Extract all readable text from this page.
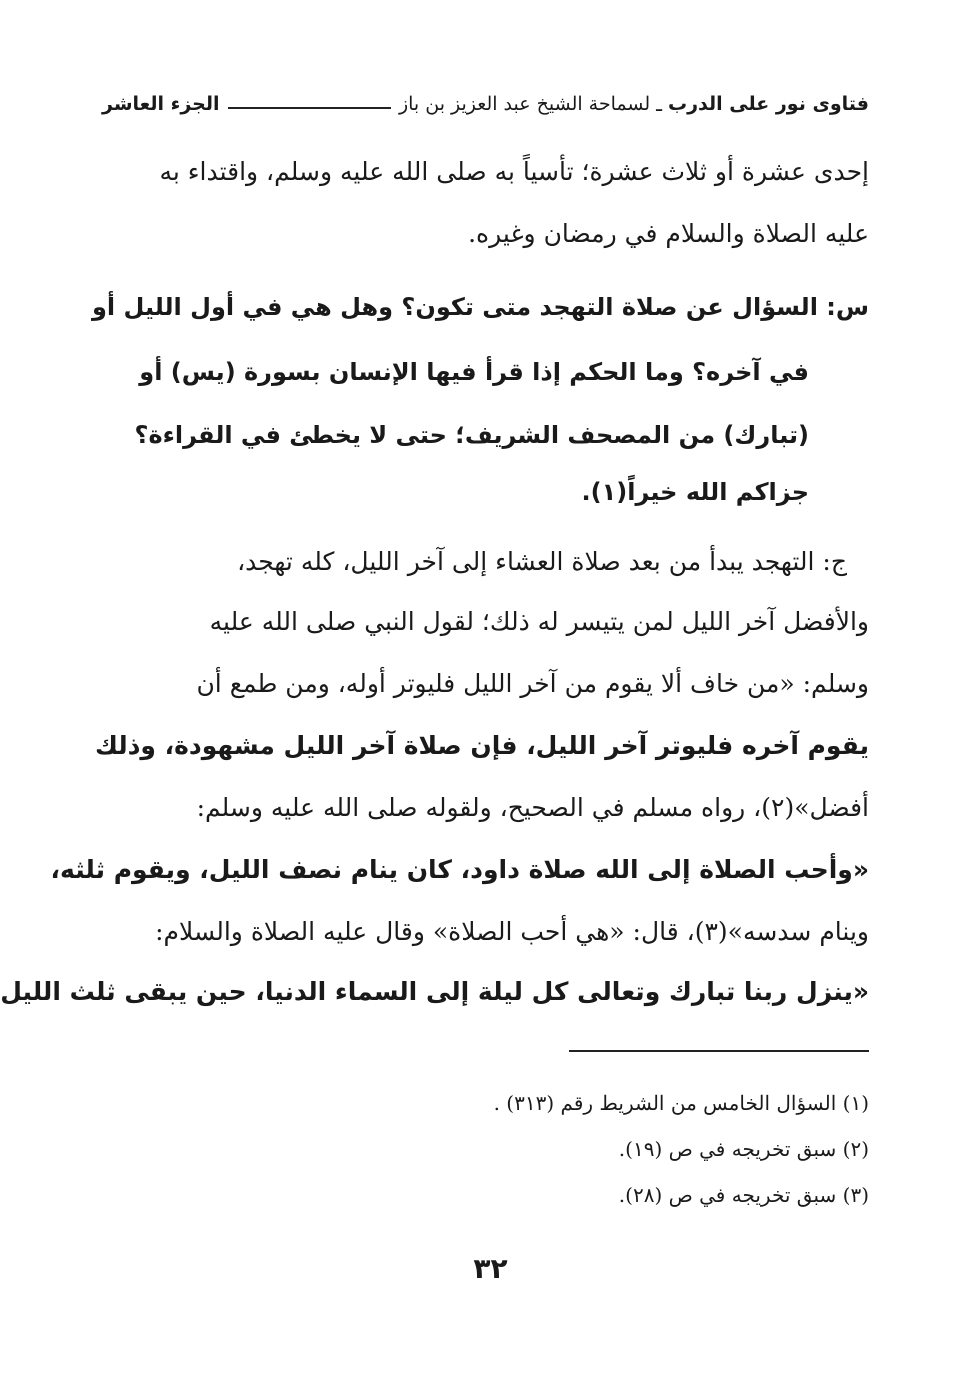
فتاوى نور على الدرب
ـ
لسماحة الشيخ عبد العزيز بن باز
الجزء العاشر
إحدى عشرة أو ثلاث عشرة؛ تأسياً به صلى الله عليه وسلم، واقتداء به
عليه الصلاة والسلام في رمضان وغيره.
س: السؤال عن صلاة التهجد متى تكون؟ وهل هي في أول الليل أو
في آخره؟ وما الحكم إذا قرأ فيها الإنسان بسورة (يس) أو
(تبارك) من المصحف الشريف؛ حتى لا يخطئ في القراءة؟
جزاكم الله خيراً(١).
ج: التهجد يبدأ من بعد صلاة العشاء إلى آخر الليل، كله تهجد،
والأفضل آخر الليل لمن يتيسر له ذلك؛ لقول النبي صلى الله عليه
وسلم: «من خاف ألا يقوم من آخر الليل فليوتر أوله، ومن طمع أن
يقوم آخره فليوتر آخر الليل، فإن صلاة آخر الليل مشهودة، وذلك
أفضل»(٢)، رواه مسلم في الصحيح، ولقوله صلى الله عليه وسلم:
«وأحب الصلاة إلى الله صلاة داود، كان ينام نصف الليل، ويقوم ثلثه،
وينام سدسه»(٣)، قال: «هي أحب الصلاة» وقال عليه الصلاة والسلام:
«ينزل ربنا تبارك وتعالى كل ليلة إلى السماء الدنيا، حين يبقى ثلث الليل
(١) السؤال الخامس من الشريط رقم (٣١٣) .
(٢) سبق تخريجه في ص (١٩).
(٣) سبق تخريجه في ص (٢٨).
٣٢
